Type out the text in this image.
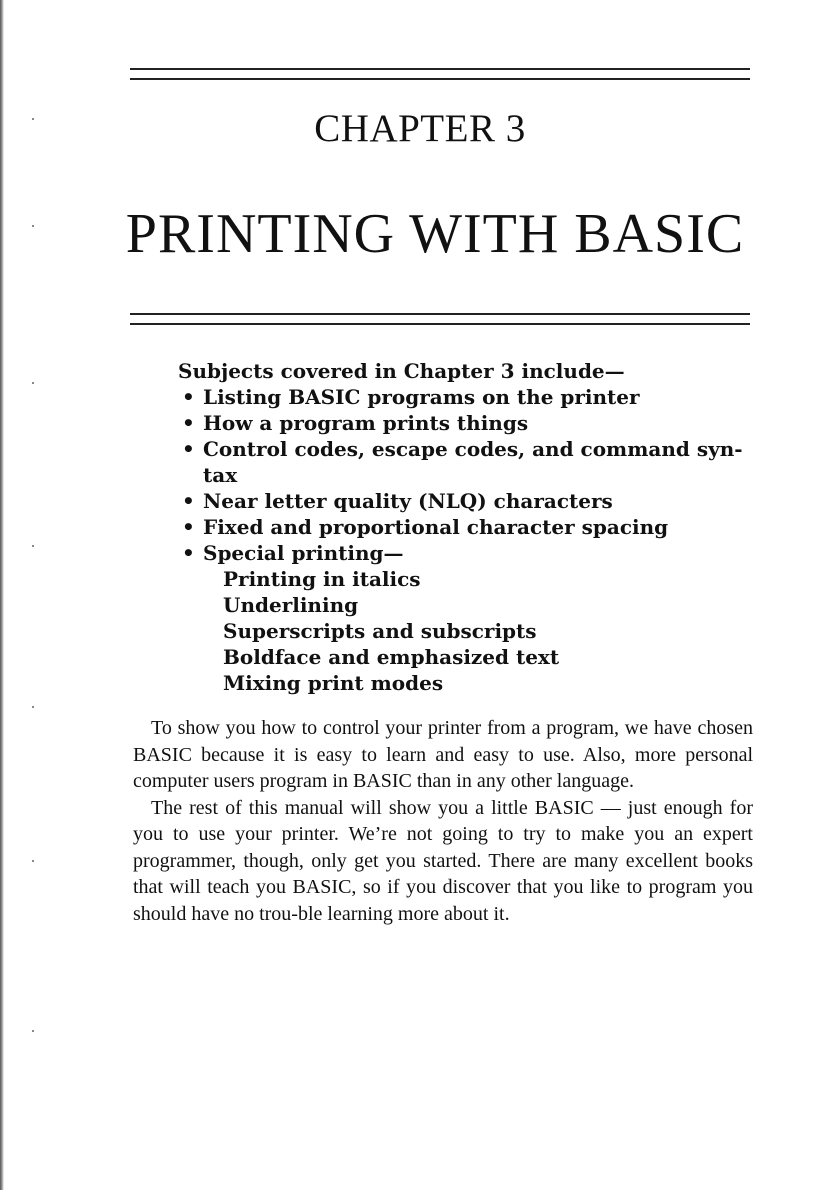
CHAPTER 3
PRINTING WITH BASIC
Subjects covered in Chapter 3 include—
• Listing BASIC programs on the printer
• How a program prints things
• Control codes, escape codes, and command syn-tax
• Near letter quality (NLQ) characters
• Fixed and proportional character spacing
• Special printing—
Printing in italics
Underlining
Superscripts and subscripts
Boldface and emphasized text
Mixing print modes

To show you how to control your printer from a program, we have chosen BASIC because it is easy to learn and easy to use. Also, more personal computer users program in BASIC than in any other language.

The rest of this manual will show you a little BASIC — just enough for you to use your printer. We’re not going to try to make you an expert programmer, though, only get you started. There are many excellent books that will teach you BASIC, so if you discover that you like to program you should have no trou-ble learning more about it.
